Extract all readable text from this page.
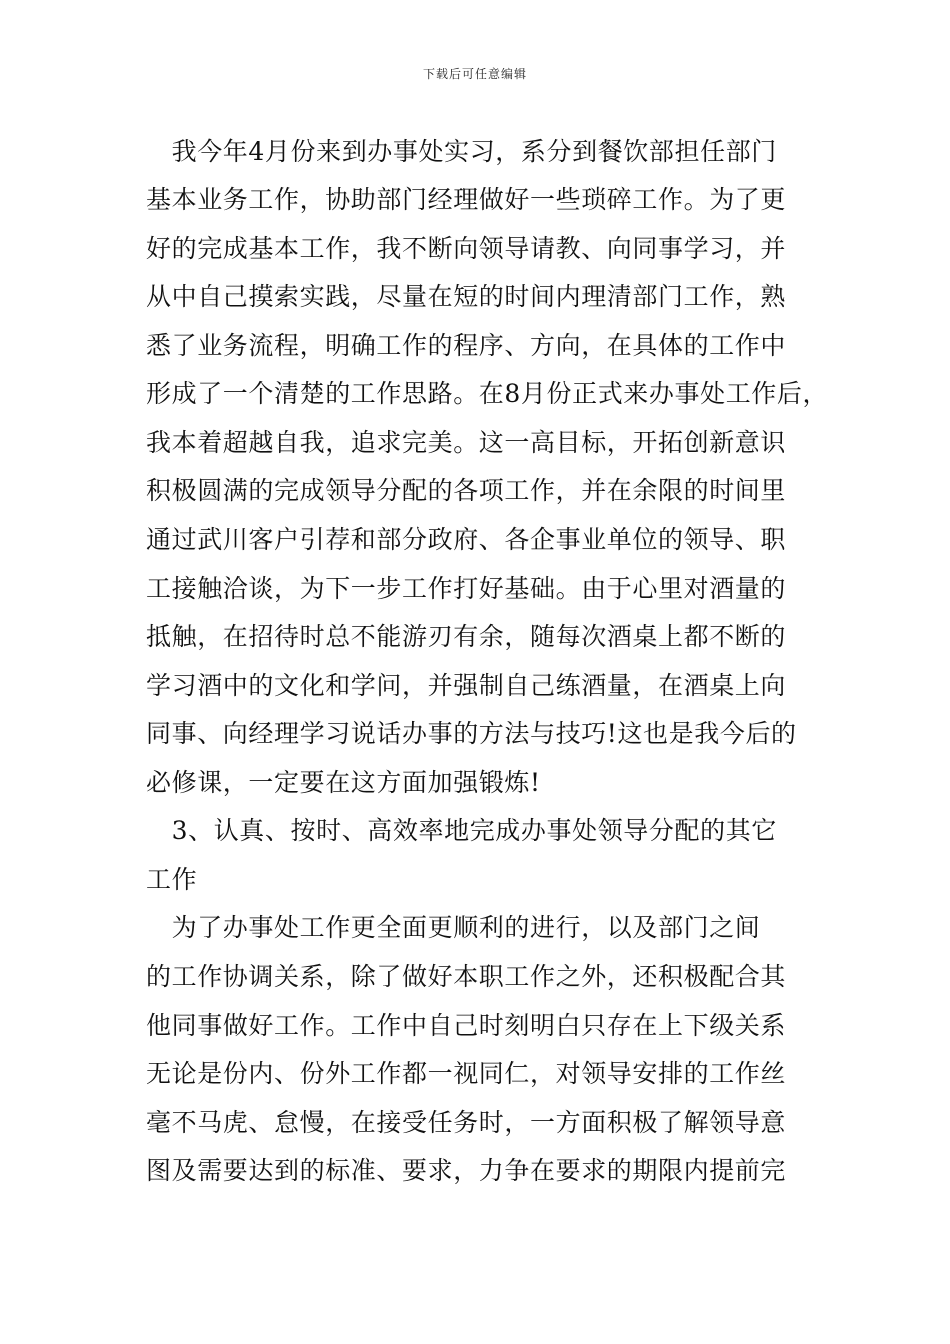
下载后可任意编辑
　我今年4月份来到办事处实习，系分到餐饮部担任部门
基本业务工作，协助部门经理做好一些琐碎工作。为了更
好的完成基本工作，我不断向领导请教、向同事学习，并
从中自己摸索实践，尽量在短的时间内理清部门工作，熟
悉了业务流程，明确工作的程序、方向，在具体的工作中
形成了一个清楚的工作思路。在8月份正式来办事处工作后，
我本着超越自我，追求完美。这一高目标，开拓创新意识
积极圆满的完成领导分配的各项工作，并在余限的时间里
通过武川客户引荐和部分政府、各企事业单位的领导、职
工接触洽谈，为下一步工作打好基础。由于心里对酒量的
抵触，在招待时总不能游刃有余，随每次酒桌上都不断的
学习酒中的文化和学问，并强制自己练酒量，在酒桌上向
同事、向经理学习说话办事的方法与技巧!这也是我今后的
必修课，一定要在这方面加强锻炼!
　3、认真、按时、高效率地完成办事处领导分配的其它
工作
　为了办事处工作更全面更顺利的进行，以及部门之间
的工作协调关系，除了做好本职工作之外，还积极配合其
他同事做好工作。工作中自己时刻明白只存在上下级关系
无论是份内、份外工作都一视同仁，对领导安排的工作丝
毫不马虎、怠慢，在接受任务时，一方面积极了解领导意
图及需要达到的标准、要求，力争在要求的期限内提前完
